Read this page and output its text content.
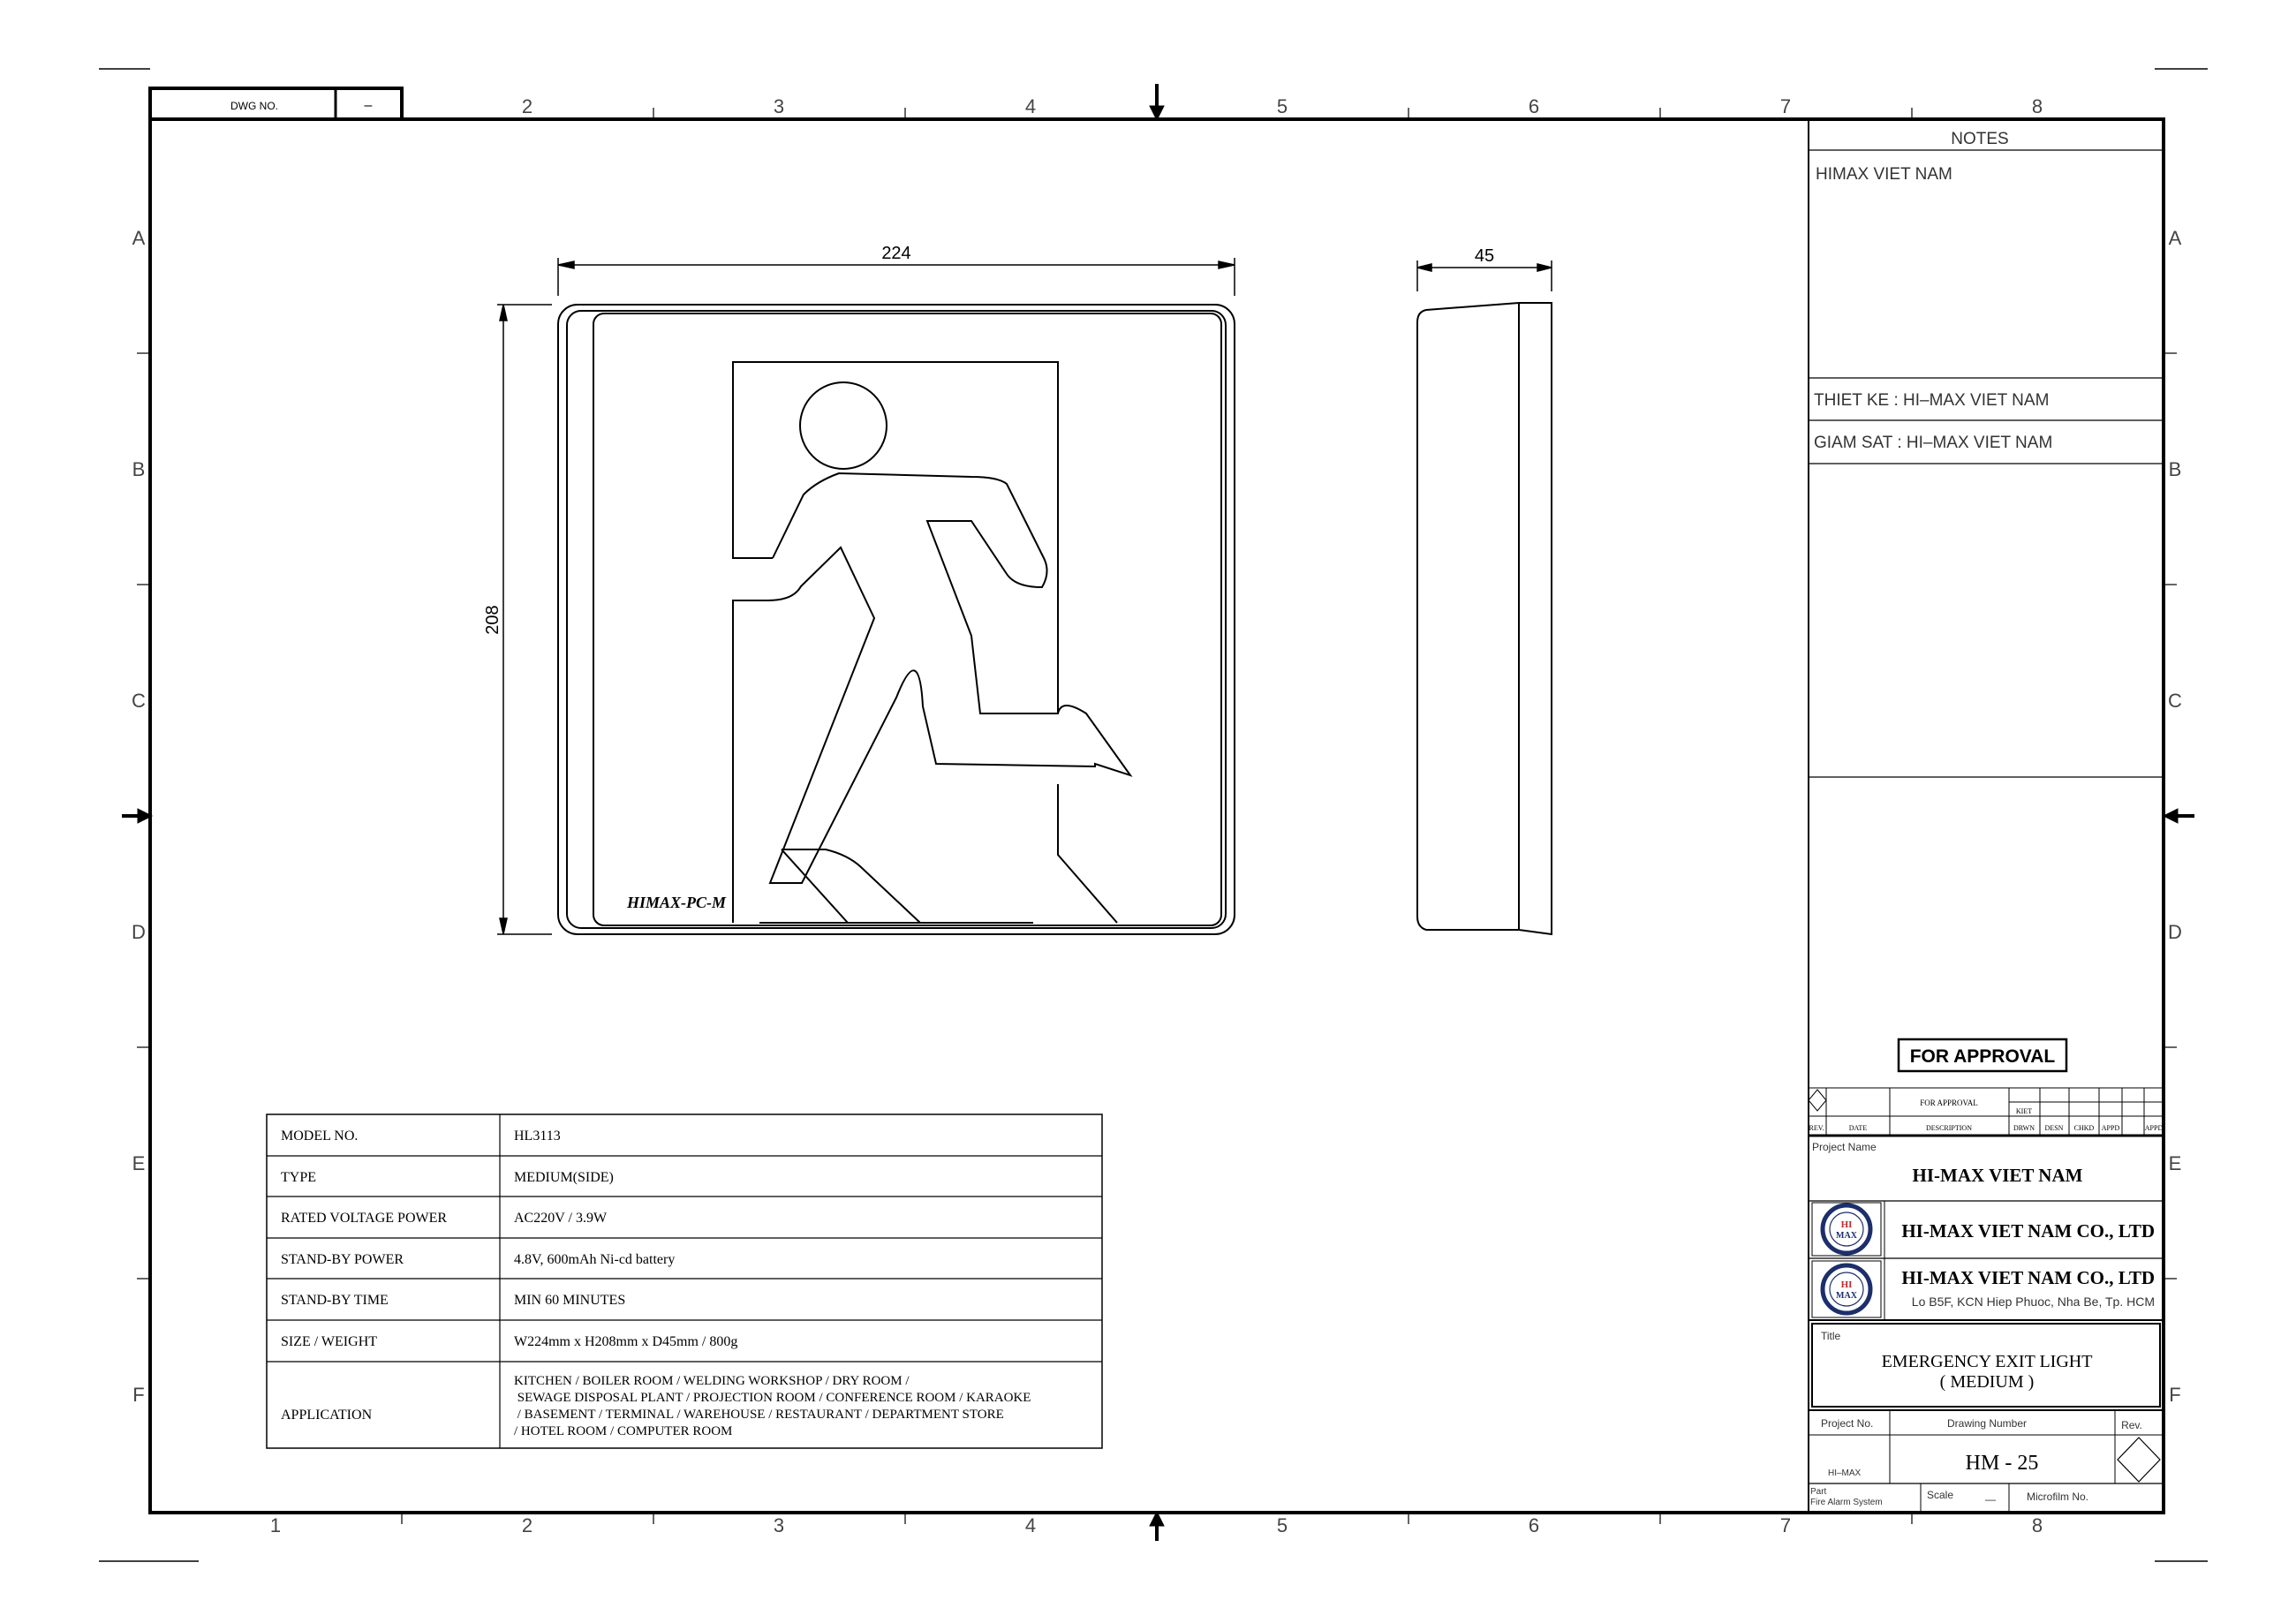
DWG NO.	–	2	3	4	5	6	7	8
1	2	3	4	5	6	7	8
A
B
C
D
E
F
A
B
C
D
E
F
224
208
HIMAX-PC-M
45
MODEL NO.	HL3113
TYPE	MEDIUM(SIDE)
RATED VOLTAGE POWER	AC220V / 3.9W
STAND-BY POWER	4.8V, 600mAh Ni-cd battery
STAND-BY TIME	MIN 60 MINUTES
SIZE / WEIGHT	W224mm x H208mm x D45mm / 800g
APPLICATION
KITCHEN / BOILER ROOM / WELDING WORKSHOP / DRY ROOM /
SEWAGE DISPOSAL PLANT / PROJECTION ROOM / CONFERENCE ROOM / KARAOKE
/ BASEMENT / TERMINAL / WAREHOUSE / RESTAURANT / DEPARTMENT STORE
/ HOTEL ROOM / COMPUTER ROOM
NOTES
HIMAX VIET NAM
THIET KE : HI–MAX VIET NAM
GIAM SAT : HI–MAX VIET NAM
FOR APPROVAL
FOR APPROVAL
KIET
REV.	DATE	DESCRIPTION	DRWN DESN CHKD APPD	APPD
Project Name
HI-MAX VIET NAM
HI
MAX HI-MAX VIET NAM CO., LTD
HI
MAX
HI-MAX VIET NAM CO., LTD
Lo B5F, KCN Hiep Phuoc, Nha Be, Tp. HCM
Title
EMERGENCY EXIT LIGHT
( MEDIUM )
Project No.
HI–MAX
Drawing Number
HM - 25
Rev.
Part
Fire Alarm System
Scale	—	Microfilm No.
